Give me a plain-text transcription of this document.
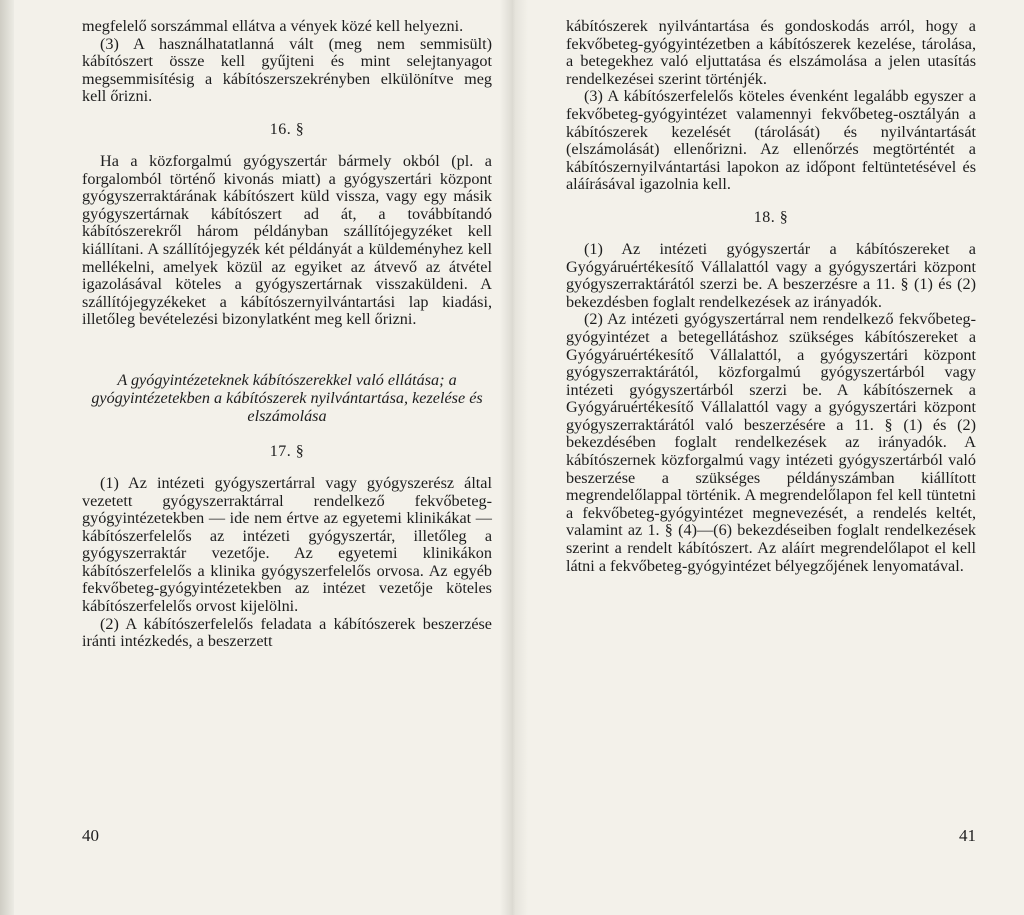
megfelelő sorszámmal ellátva a vények közé kell helyezni.

(3) A használhatatlanná vált (meg nem semmisült) kábítószert össze kell gyűjteni és mint selejtanyagot megsemmisítésig a kábítószerszekrényben elkülönítve meg kell őrizni.

16. §

Ha a közforgalmú gyógyszertár bármely okból (pl. a forgalomból történő kivonás miatt) a gyógyszertári központ gyógyszerraktárának kábítószert küld vissza, vagy egy másik gyógyszertárnak kábítószert ad át, a továbbítandó kábítószerekről három példányban szállítójegyzéket kell kiállítani. A szállítójegyzék két példányát a küldeményhez kell mellékelni, amelyek közül az egyiket az átvevő az átvétel igazolásával köteles a gyógyszertárnak visszaküldeni. A szállítójegyzékeket a kábítószernyilvántartási lap kiadási, illetőleg bevételezési bizonylatként meg kell őrizni.

A gyógyintézeteknek kábítószerekkel való ellátása; a gyógyintézetekben a kábítószerek nyilvántartása, kezelése és elszámolása
17. §

(1) Az intézeti gyógyszertárral vagy gyógyszerész által vezetett gyógyszerraktárral rendelkező fekvőbeteg-gyógyintézetekben — ide nem értve az egyetemi klinikákat — kábítószerfelelős az intézeti gyógyszertár, illetőleg a gyógyszerraktár vezetője. Az egyetemi klinikákon kábítószerfelelős a klinika gyógyszerfelelős orvosa. Az egyéb fekvőbeteg-gyógyintézetekben az intézet vezetője köteles kábítószerfelelős orvost kijelölni.

(2) A kábítószerfelelős feladata a kábítószerek beszerzése iránti intézkedés, a beszerzett

40

kábítószerek nyilvántartása és gondoskodás arról, hogy a fekvőbeteg-gyógyintézetben a kábítószerek kezelése, tárolása, a betegekhez való eljuttatása és elszámolása a jelen utasítás rendelkezései szerint történjék.

(3) A kábítószerfelelős köteles évenként legalább egyszer a fekvőbeteg-gyógyintézet valamennyi fekvőbeteg-osztályán a kábítószerek kezelését (tárolását) és nyilvántartását (elszámolását) ellenőrizni. Az ellenőrzés megtörténtét a kábítószernyilvántartási lapokon az időpont feltüntetésével és aláírásával igazolnia kell.

18. §

(1) Az intézeti gyógyszertár a kábítószereket a Gyógyáruértékesítő Vállalattól vagy a gyógyszertári központ gyógyszerraktárától szerzi be. A beszerzésre a 11. § (1) és (2) bekezdésben foglalt rendelkezések az irányadók.

(2) Az intézeti gyógyszertárral nem rendelkező fekvőbeteg-gyógyintézet a betegellátáshoz szükséges kábítószereket a Gyógyáruértékesítő Vállalattól, a gyógyszertári központ gyógyszerraktárától, közforgalmú gyógyszertárból vagy intézeti gyógyszertárból szerzi be. A kábítószernek a Gyógyáruértékesítő Vállalattól vagy a gyógyszertári központ gyógyszerraktárától való beszerzésére a 11. § (1) és (2) bekezdésében foglalt rendelkezések az irányadók. A kábítószernek közforgalmú vagy intézeti gyógyszertárból való beszerzése a szükséges példányszámban kiállított megrendelőlappal történik. A megrendelőlapon fel kell tüntetni a fekvőbeteg-gyógyintézet megnevezését, a rendelés keltét, valamint az 1. § (4)—(6) bekezdéseiben foglalt rendelkezések szerint a rendelt kábítószert. Az aláírt megrendelőlapot el kell látni a fekvőbeteg-gyógyintézet bélyegzőjének lenyomatával.

41
